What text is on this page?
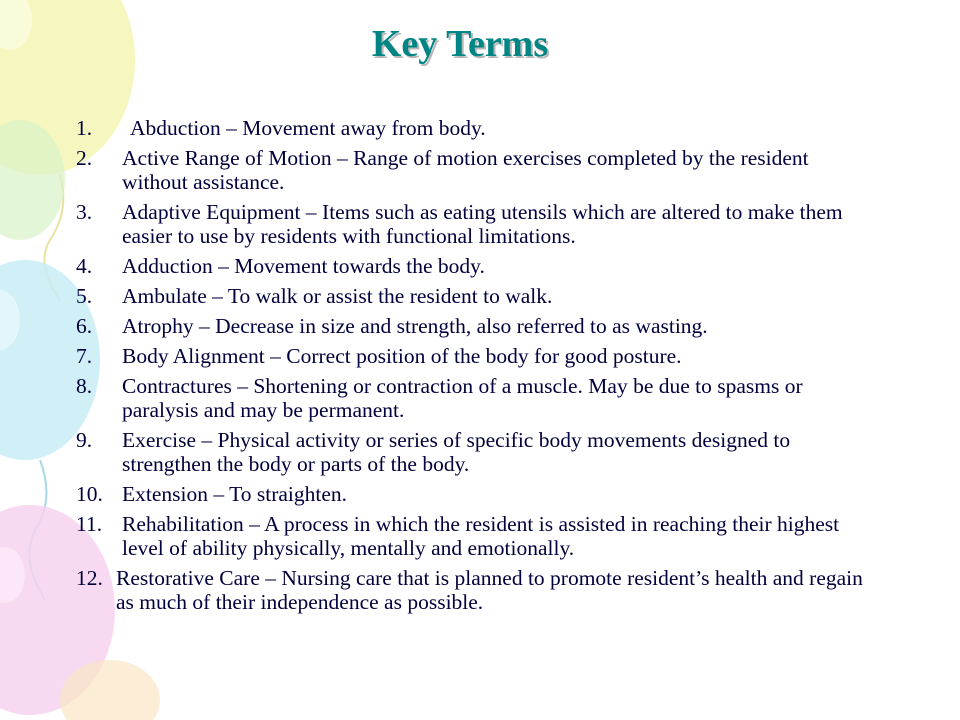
Key Terms
1.	Abduction – Movement away from body.
2.	Active Range of Motion – Range of motion exercises completed by the resident without assistance.
3.	Adaptive Equipment – Items such as eating utensils which are altered to make them easier to use by residents with functional limitations.
4.	Adduction – Movement towards the body.
5.	Ambulate – To walk or assist the resident to walk.
6.	Atrophy – Decrease in size and strength, also referred to as wasting.
7.	Body Alignment – Correct position of the body for good posture.
8.	Contractures – Shortening or contraction of a muscle. May be due to spasms or paralysis and may be permanent.
9.	Exercise – Physical activity or series of specific body movements designed to strengthen the body or parts of the body.
10. Extension – To straighten.
11. Rehabilitation – A process in which the resident is assisted in reaching their highest level of ability physically, mentally and emotionally.
12. Restorative Care – Nursing care that is planned to promote resident’s health and regain as much of their independence as possible.
